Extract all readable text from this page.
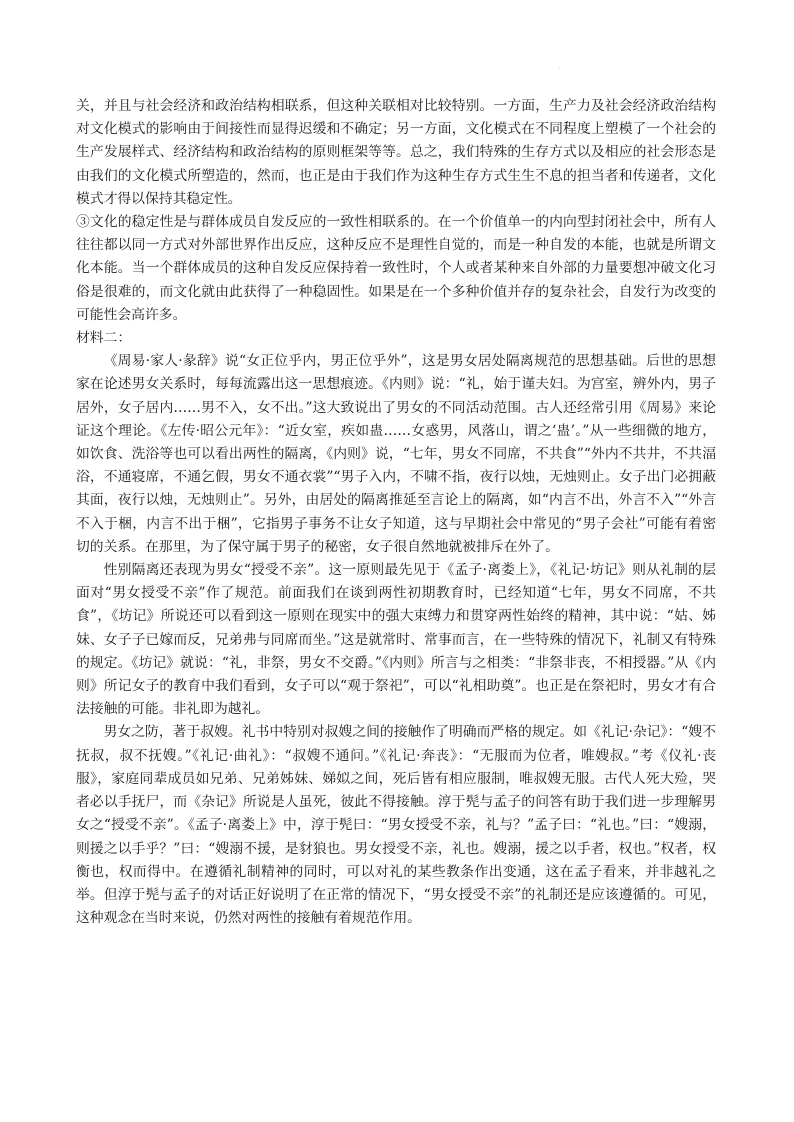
·

关，并且与社会经济和政治结构相联系，但这种关联相对比较特别。一方面，生产力及社会经济政治结构对文化模式的影响由于间接性而显得迟缓和不确定；另一方面，文化模式在不同程度上塑模了一个社会的生产发展样式、经济结构和政治结构的原则框架等等。总之，我们特殊的生存方式以及相应的社会形态是由我们的文化模式所塑造的，然而，也正是由于我们作为这种生存方式生生不息的担当者和传递者，文化模式才得以保持其稳定性。

③文化的稳定性是与群体成员自发反应的一致性相联系的。在一个价值单一的内向型封闭社会中，所有人往往都以同一方式对外部世界作出反应，这种反应不是理性自觉的，而是一种自发的本能，也就是所谓文化本能。当一个群体成员的这种自发反应保持着一致性时，个人或者某种来自外部的力量要想冲破文化习俗是很难的，而文化就由此获得了一种稳固性。如果是在一个多种价值并存的复杂社会，自发行为改变的可能性会高许多。

材料二：

《周易·家人·彖辞》说“女正位乎内，男正位乎外”，这是男女居处隔离规范的思想基础。后世的思想家在论述男女关系时，每每流露出这一思想痕迹。《内则》说：“礼，始于谨夫妇。为宫室，辨外内，男子居外，女子居内……男不入，女不出。”这大致说出了男女的不同活动范围。古人还经常引用《周易》来论证这个理论。《左传·昭公元年》：“近女室，疾如蛊……女惑男，风落山，谓之‘蛊’。”从一些细微的地方，如饮食、洗浴等也可以看出两性的隔离，《内则》说，“七年，男女不同席，不共食”“外内不共井，不共湢浴，不通寝席，不通乞假，男女不通衣裳”“男子入内，不啸不指，夜行以烛，无烛则止。女子出门必拥蔽其面，夜行以烛，无烛则止”。另外，由居处的隔离推延至言论上的隔离，如“内言不出，外言不入”“外言不入于梱，内言不出于梱”，它指男子事务不让女子知道，这与早期社会中常见的“男子会社”可能有着密切的关系。在那里，为了保守属于男子的秘密，女子很自然地就被排斥在外了。

性别隔离还表现为男女“授受不亲”。这一原则最先见于《孟子·离娄上》，《礼记·坊记》则从礼制的层面对“男女授受不亲”作了规范。前面我们在谈到两性初期教育时，已经知道“七年，男女不同席，不共食”，《坊记》所说还可以看到这一原则在现实中的强大束缚力和贯穿两性始终的精神，其中说：“姑、姊妹、女子子已嫁而反，兄弟弗与同席而坐。”这是就常时、常事而言，在一些特殊的情况下，礼制又有特殊的规定。《坊记》就说：“礼，非祭，男女不交爵。”《内则》所言与之相类：“非祭非丧，不相授器。”从《内则》所记女子的教育中我们看到，女子可以“观于祭祀”，可以“礼相助奠”。也正是在祭祀时，男女才有合法接触的可能。非礼即为越礼。

男女之防，著于叔嫂。礼书中特别对叔嫂之间的接触作了明确而严格的规定。如《礼记·杂记》：“嫂不抚叔，叔不抚嫂。”《礼记·曲礼》：“叔嫂不通问。”《礼记·奔丧》：“无服而为位者，唯嫂叔。”考《仪礼·丧服》，家庭同辈成员如兄弟、兄弟姊妹、娣姒之间，死后皆有相应服制，唯叔嫂无服。古代人死大殓，哭者必以手抚尸，而《杂记》所说是人虽死，彼此不得接触。淳于髡与孟子的问答有助于我们进一步理解男女之“授受不亲”。《孟子·离娄上》中，淳于髡曰：“男女授受不亲，礼与？”孟子曰：“礼也。”曰：“嫂溺，则援之以手乎？”曰：“嫂溺不援，是豺狼也。男女授受不亲，礼也。嫂溺，援之以手者，权也。”权者，权衡也，权而得中。在遵循礼制精神的同时，可以对礼的某些教条作出变通，这在孟子看来，并非越礼之举。但淳于髡与孟子的对话正好说明了在正常的情况下，“男女授受不亲”的礼制还是应该遵循的。可见，这种观念在当时来说，仍然对两性的接触有着规范作用。
